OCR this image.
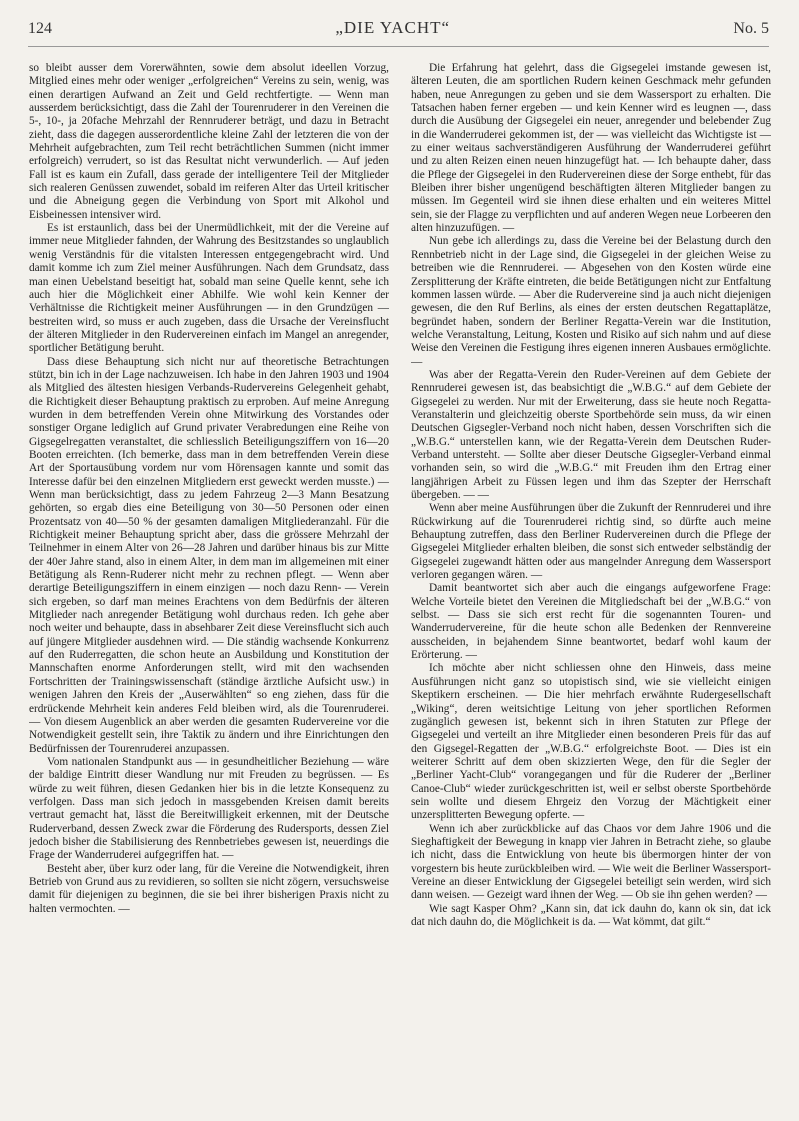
124	„DIE YACHT“	No. 5

so bleibt ausser dem Vorerwähnten, sowie dem absolut ideellen Vorzug, Mitglied eines mehr oder weniger „erfolgreichen“ Vereins zu sein, wenig, was einen derartigen Aufwand an Zeit und Geld rechtfertigte. — Wenn man ausserdem berücksichtigt, dass die Zahl der Tourenruderer in den Vereinen die 5-, 10-, ja 20fache Mehrzahl der Rennruderer beträgt, und dazu in Betracht zieht, dass die dagegen ausserordentliche kleine Zahl der letzteren die von der Mehrheit aufgebrachten, zum Teil recht beträchtlichen Summen (nicht immer erfolgreich) verrudert, so ist das Resultat nicht verwunderlich. — Auf jeden Fall ist es kaum ein Zufall, dass gerade der intelligentere Teil der Mitglieder sich realeren Genüssen zuwendet, sobald im reiferen Alter das Urteil kritischer und die Abneigung gegen die Verbindung von Sport mit Alkohol und Eisbeinessen intensiver wird.

Es ist erstaunlich, dass bei der Unermüdlichkeit, mit der die Vereine auf immer neue Mitglieder fahnden, der Wahrung des Besitzstandes so unglaublich wenig Verständnis für die vitalsten Interessen entgegengebracht wird. Und damit komme ich zum Ziel meiner Ausführungen. Nach dem Grundsatz, dass man einen Uebelstand beseitigt hat, sobald man seine Quelle kennt, sehe ich auch hier die Möglichkeit einer Abhilfe. Wie wohl kein Kenner der Verhältnisse die Richtigkeit meiner Ausführungen — in den Grundzügen — bestreiten wird, so muss er auch zugeben, dass die Ursache der Vereinsflucht der älteren Mitglieder in den Rudervereinen einfach im Mangel an anregender, sportlicher Betätigung beruht.

Dass diese Behauptung sich nicht nur auf theoretische Betrachtungen stützt, bin ich in der Lage nachzuweisen. Ich habe in den Jahren 1903 und 1904 als Mitglied des ältesten hiesigen Verbands-Rudervereins Gelegenheit gehabt, die Richtigkeit dieser Behauptung praktisch zu erproben. Auf meine Anregung wurden in dem betreffenden Verein ohne Mitwirkung des Vorstandes oder sonstiger Organe lediglich auf Grund privater Verabredungen eine Reihe von Gigsegelregatten veranstaltet, die schliesslich Beteiligungsziffern von 16—20 Booten erreichten. (Ich bemerke, dass man in dem betreffenden Verein diese Art der Sportausübung vordem nur vom Hörensagen kannte und somit das Interesse dafür bei den einzelnen Mitgliedern erst geweckt werden musste.) — Wenn man berücksichtigt, dass zu jedem Fahrzeug 2—3 Mann Besatzung gehörten, so ergab dies eine Beteiligung von 30—50 Personen oder einen Prozentsatz von 40—50 % der gesamten damaligen Mitgliederanzahl. Für die Richtigkeit meiner Behauptung spricht aber, dass die grössere Mehrzahl der Teilnehmer in einem Alter von 26—28 Jahren und darüber hinaus bis zur Mitte der 40er Jahre stand, also in einem Alter, in dem man im allgemeinen mit einer Betätigung als Renn-Ruderer nicht mehr zu rechnen pflegt. — Wenn aber derartige Beteiligungsziffern in einem einzigen — noch dazu Renn- — Verein sich ergeben, so darf man meines Erachtens von dem Bedürfnis der älteren Mitglieder nach anregender Betätigung wohl durchaus reden. Ich gehe aber noch weiter und behaupte, dass in absehbarer Zeit diese Vereinsflucht sich auch auf jüngere Mitglieder ausdehnen wird. — Die ständig wachsende Konkurrenz auf den Ruderregatten, die schon heute an Ausbildung und Konstitution der Mannschaften enorme Anforderungen stellt, wird mit den wachsenden Fortschritten der Trainingswissenschaft (ständige ärztliche Aufsicht usw.) in wenigen Jahren den Kreis der „Auserwählten“ so eng ziehen, dass für die erdrückende Mehrheit kein anderes Feld bleiben wird, als die Tourenruderei. — Von diesem Augenblick an aber werden die gesamten Rudervereine vor die Notwendigkeit gestellt sein, ihre Taktik zu ändern und ihre Einrichtungen den Bedürfnissen der Tourenruderei anzupassen.

Vom nationalen Standpunkt aus — in gesundheitlicher Beziehung — wäre der baldige Eintritt dieser Wandlung nur mit Freuden zu begrüssen. — Es würde zu weit führen, diesen Gedanken hier bis in die letzte Konsequenz zu verfolgen. Dass man sich jedoch in massgebenden Kreisen damit bereits vertraut gemacht hat, lässt die Bereitwilligkeit erkennen, mit der Deutsche Ruderverband, dessen Zweck zwar die Förderung des Rudersports, dessen Ziel jedoch bisher die Stabilisierung des Rennbetriebes gewesen ist, neuerdings die Frage der Wanderruderei aufgegriffen hat. —

Besteht aber, über kurz oder lang, für die Vereine die Notwendigkeit, ihren Betrieb von Grund aus zu revidieren, so sollten sie nicht zögern, versuchsweise damit für diejenigen zu beginnen, die sie bei ihrer bisherigen Praxis nicht zu halten vermochten. —

Die Erfahrung hat gelehrt, dass die Gigsegelei imstande gewesen ist, älteren Leuten, die am sportlichen Rudern keinen Geschmack mehr gefunden haben, neue Anregungen zu geben und sie dem Wassersport zu erhalten. Die Tatsachen haben ferner ergeben — und kein Kenner wird es leugnen —, dass durch die Ausübung der Gigsegelei ein neuer, anregender und belebender Zug in die Wanderruderei gekommen ist, der — was vielleicht das Wichtigste ist — zu einer weitaus sachverständigeren Ausführung der Wanderruderei geführt und zu alten Reizen einen neuen hinzugefügt hat. — Ich behaupte daher, dass die Pflege der Gigsegelei in den Rudervereinen diese der Sorge enthebt, für das Bleiben ihrer bisher ungenügend beschäftigten älteren Mitglieder bangen zu müssen. Im Gegenteil wird sie ihnen diese erhalten und ein weiteres Mittel sein, sie der Flagge zu verpflichten und auf anderen Wegen neue Lorbeeren den alten hinzuzufügen. —

Nun gebe ich allerdings zu, dass die Vereine bei der Belastung durch den Rennbetrieb nicht in der Lage sind, die Gigsegelei in der gleichen Weise zu betreiben wie die Rennruderei. — Abgesehen von den Kosten würde eine Zersplitterung der Kräfte eintreten, die beide Betätigungen nicht zur Entfaltung kommen lassen würde. — Aber die Rudervereine sind ja auch nicht diejenigen gewesen, die den Ruf Berlins, als eines der ersten deutschen Regattaplätze, begründet haben, sondern der Berliner Regatta-Verein war die Institution, welche Veranstaltung, Leitung, Kosten und Risiko auf sich nahm und auf diese Weise den Vereinen die Festigung ihres eigenen inneren Ausbaues ermöglichte. —

Was aber der Regatta-Verein den Ruder-Vereinen auf dem Gebiete der Rennruderei gewesen ist, das beabsichtigt die „W.B.G.“ auf dem Gebiete der Gigsegelei zu werden. Nur mit der Erweiterung, dass sie heute noch Regatta-Veranstalterin und gleichzeitig oberste Sportbehörde sein muss, da wir einen Deutschen Gigsegler-Verband noch nicht haben, dessen Vorschriften sich die „W.B.G.“ unterstellen kann, wie der Regatta-Verein dem Deutschen Ruder-Verband untersteht. — Sollte aber dieser Deutsche Gigsegler-Verband einmal vorhanden sein, so wird die „W.B.G.“ mit Freuden ihm den Ertrag einer langjährigen Arbeit zu Füssen legen und ihm das Szepter der Herrschaft übergeben. — —

Wenn aber meine Ausführungen über die Zukunft der Rennruderei und ihre Rückwirkung auf die Tourenruderei richtig sind, so dürfte auch meine Behauptung zutreffen, dass den Berliner Rudervereinen durch die Pflege der Gigsegelei Mitglieder erhalten bleiben, die sonst sich entweder selbständig der Gigsegelei zugewandt hätten oder aus mangelnder Anregung dem Wassersport verloren gegangen wären. —

Damit beantwortet sich aber auch die eingangs aufgeworfene Frage: Welche Vorteile bietet den Vereinen die Mitgliedschaft bei der „W.B.G.“ von selbst. — Dass sie sich erst recht für die sogenannten Touren- und Wanderrudervereine, für die heute schon alle Bedenken der Rennvereine ausscheiden, in bejahendem Sinne beantwortet, bedarf wohl kaum der Erörterung. —

Ich möchte aber nicht schliessen ohne den Hinweis, dass meine Ausführungen nicht ganz so utopistisch sind, wie sie vielleicht einigen Skeptikern erscheinen. — Die hier mehrfach erwähnte Rudergesellschaft „Wiking“, deren weitsichtige Leitung von jeher sportlichen Reformen zugänglich gewesen ist, bekennt sich in ihren Statuten zur Pflege der Gigsegelei und verteilt an ihre Mitglieder einen besonderen Preis für das auf den Gigsegel-Regatten der „W.B.G.“ erfolgreichste Boot. — Dies ist ein weiterer Schritt auf dem oben skizzierten Wege, den für die Segler der „Berliner Yacht-Club“ vorangegangen und für die Ruderer der „Berliner Canoe-Club“ wieder zurückgeschritten ist, weil er selbst oberste Sportbehörde sein wollte und diesem Ehrgeiz den Vorzug der Mächtigkeit einer unzersplitterten Bewegung opferte. —

Wenn ich aber zurückblicke auf das Chaos vor dem Jahre 1906 und die Sieghaftigkeit der Bewegung in knapp vier Jahren in Betracht ziehe, so glaube ich nicht, dass die Entwicklung von heute bis übermorgen hinter der von vorgestern bis heute zurückbleiben wird. — Wie weit die Berliner Wassersport-Vereine an dieser Entwicklung der Gigsegelei beteiligt sein werden, wird sich dann weisen. — Gezeigt ward ihnen der Weg. — Ob sie ihn gehen werden? —

Wie sagt Kasper Ohm? „Kann sin, dat ick dauhn do, kann ok sin, dat ick dat nich dauhn do, die Möglichkeit is da. — Wat kömmt, dat gilt.“
